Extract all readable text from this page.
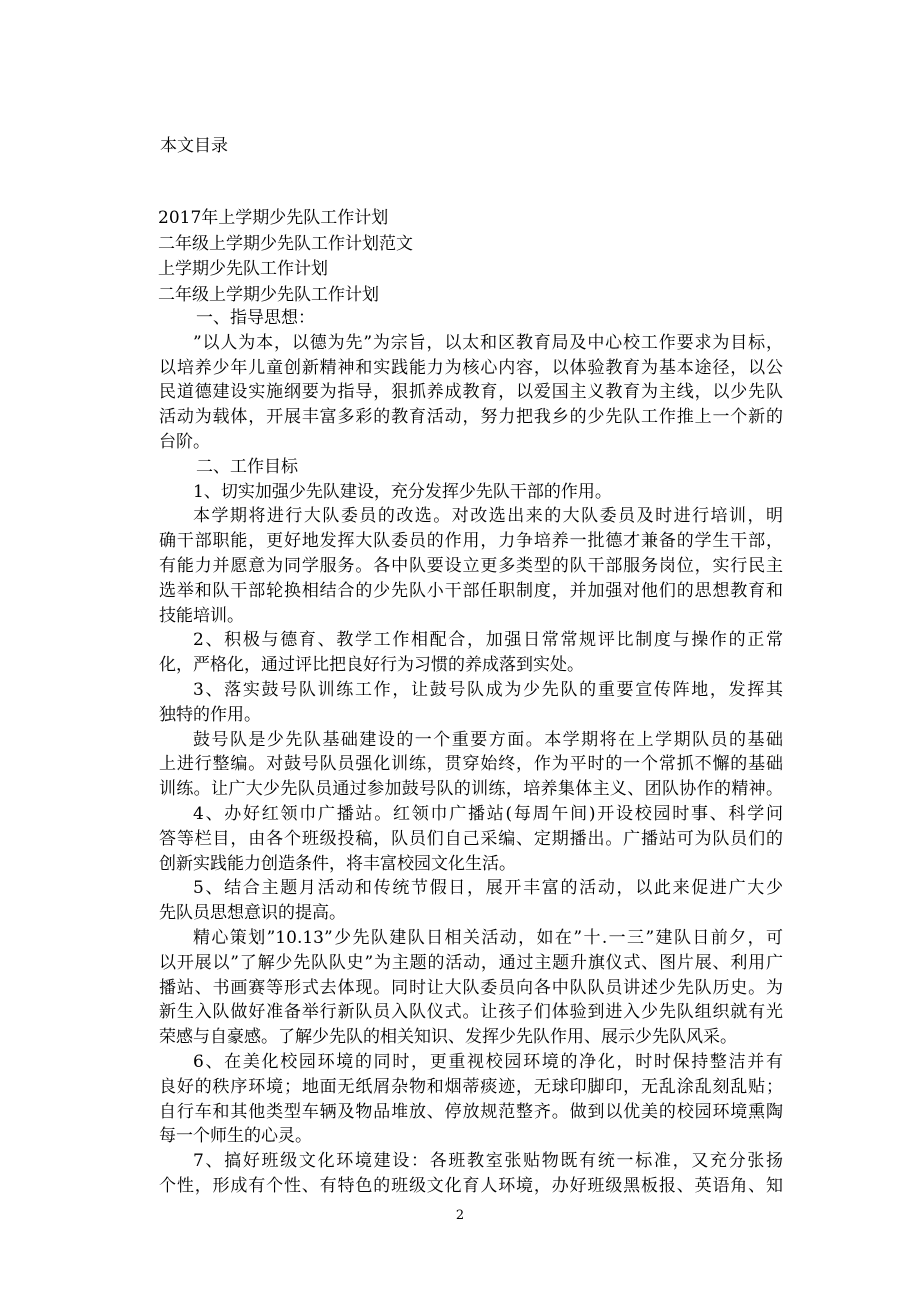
本文目录
2017年上学期少先队工作计划
二年级上学期少先队工作计划范文
上学期少先队工作计划
二年级上学期少先队工作计划
一、指导思想：
”以人为本，以德为先”为宗旨，以太和区教育局及中心校工作要求为目标，
以培养少年儿童创新精神和实践能力为核心内容，以体验教育为基本途径，以公
民道德建设实施纲要为指导，狠抓养成教育，以爱国主义教育为主线，以少先队
活动为载体，开展丰富多彩的教育活动，努力把我乡的少先队工作推上一个新的
台阶。
二、工作目标
1、切实加强少先队建设，充分发挥少先队干部的作用。
本学期将进行大队委员的改选。对改选出来的大队委员及时进行培训，明
确干部职能，更好地发挥大队委员的作用，力争培养一批德才兼备的学生干部，
有能力并愿意为同学服务。各中队要设立更多类型的队干部服务岗位，实行民主
选举和队干部轮换相结合的少先队小干部任职制度，并加强对他们的思想教育和
技能培训。
2、积极与德育、教学工作相配合，加强日常常规评比制度与操作的正常
化，严格化，通过评比把良好行为习惯的养成落到实处。
3、落实鼓号队训练工作，让鼓号队成为少先队的重要宣传阵地，发挥其
独特的作用。
鼓号队是少先队基础建设的一个重要方面。本学期将在上学期队员的基础
上进行整编。对鼓号队员强化训练，贯穿始终，作为平时的一个常抓不懈的基础
训练。让广大少先队员通过参加鼓号队的训练，培养集体主义、团队协作的精神。
4、办好红领巾广播站。红领巾广播站(每周午间)开设校园时事、科学问
答等栏目，由各个班级投稿，队员们自己采编、定期播出。广播站可为队员们的
创新实践能力创造条件，将丰富校园文化生活。
5、结合主题月活动和传统节假日，展开丰富的活动，以此来促进广大少
先队员思想意识的提高。
精心策划”10.13”少先队建队日相关活动，如在”十.一三”建队日前夕，可
以开展以”了解少先队队史”为主题的活动，通过主题升旗仪式、图片展、利用广
播站、书画赛等形式去体现。同时让大队委员向各中队队员讲述少先队历史。为
新生入队做好准备举行新队员入队仪式。让孩子们体验到进入少先队组织就有光
荣感与自豪感。了解少先队的相关知识、发挥少先队作用、展示少先队风采。
6、在美化校园环境的同时，更重视校园环境的净化，时时保持整洁并有
良好的秩序环境；地面无纸屑杂物和烟蒂痰迹，无球印脚印，无乱涂乱刻乱贴；
自行车和其他类型车辆及物品堆放、停放规范整齐。做到以优美的校园环境熏陶
每一个师生的心灵。
7、搞好班级文化环境建设：各班教室张贴物既有统一标准，又充分张扬
个性，形成有个性、有特色的班级文化育人环境，办好班级黑板报、英语角、知
2
